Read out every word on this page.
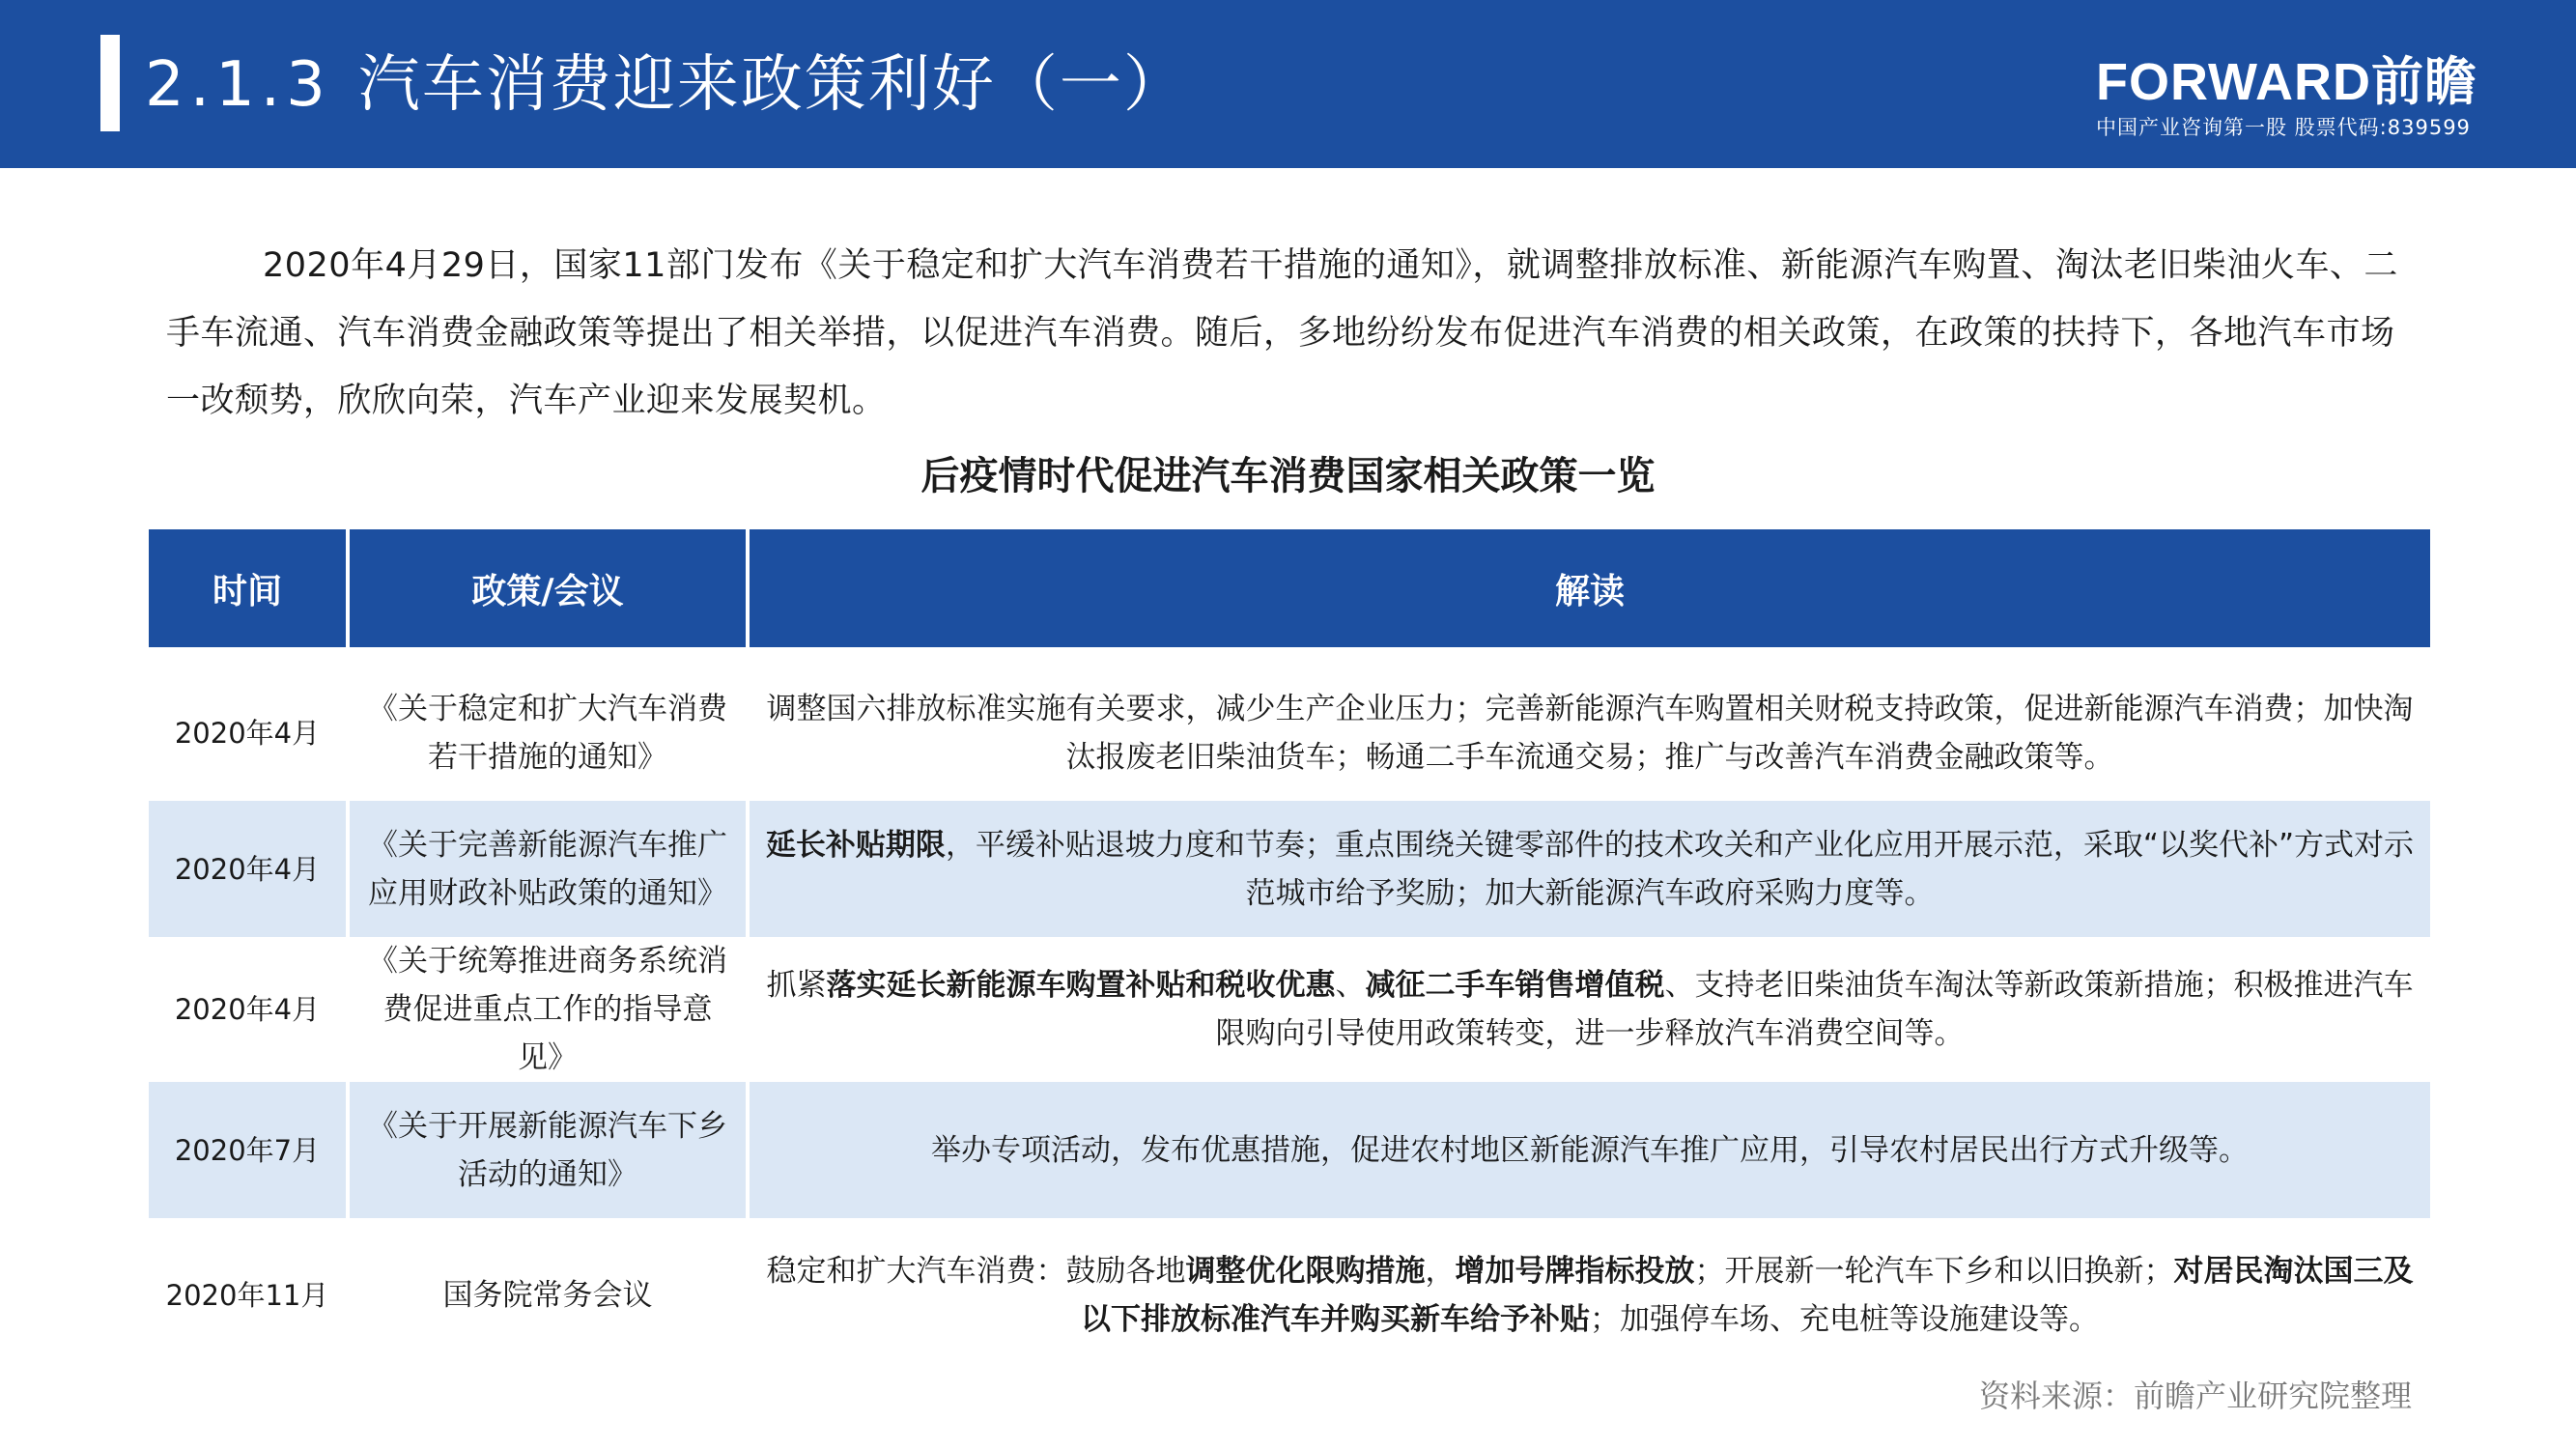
2.1.3 汽车消费迎来政策利好（一）	FORWARD前瞻
中国产业咨询第一股 股票代码:839599
2020年4月29日，国家11部门发布《关于稳定和扩大汽车消费若干措施的通知》，就调整排放标准、新能源汽车购置、淘汰老旧柴油火车、二手车流通、汽车消费金融政策等提出了相关举措，以促进汽车消费。随后，多地纷纷发布促进汽车消费的相关政策，在政策的扶持下，各地汽车市场一改颓势，欣欣向荣，汽车产业迎来发展契机。
后疫情时代促进汽车消费国家相关政策一览
时间	政策/会议	解读

2020年4月	《关于稳定和扩大汽车消费若干措施的通知》	调整国六排放标准实施有关要求，减少生产企业压力；完善新能源汽车购置相关财税支持政策，促进新能源汽车消费；加快淘汰报废老旧柴油货车；畅通二手车流通交易；推广与改善汽车消费金融政策等。
2020年4月	《关于完善新能源汽车推广应用财政补贴政策的通知》	延长补贴期限，平缓补贴退坡力度和节奏；重点围绕关键零部件的技术攻关和产业化应用开展示范，采取“以奖代补”方式对示范城市给予奖励；加大新能源汽车政府采购力度等。
2020年4月	《关于统筹推进商务系统消费促进重点工作的指导意见》	抓紧落实延长新能源车购置补贴和税收优惠、减征二手车销售增值税、支持老旧柴油货车淘汰等新政策新措施；积极推进汽车限购向引导使用政策转变，进一步释放汽车消费空间等。
2020年7月	《关于开展新能源汽车下乡活动的通知》	举办专项活动，发布优惠措施，促进农村地区新能源汽车推广应用，引导农村居民出行方式升级等。
2020年11月	国务院常务会议	稳定和扩大汽车消费：鼓励各地调整优化限购措施，增加号牌指标投放；开展新一轮汽车下乡和以旧换新；对居民淘汰国三及以下排放标准汽车并购买新车给予补贴；加强停车场、充电桩等设施建设等。
资料来源：前瞻产业研究院整理
